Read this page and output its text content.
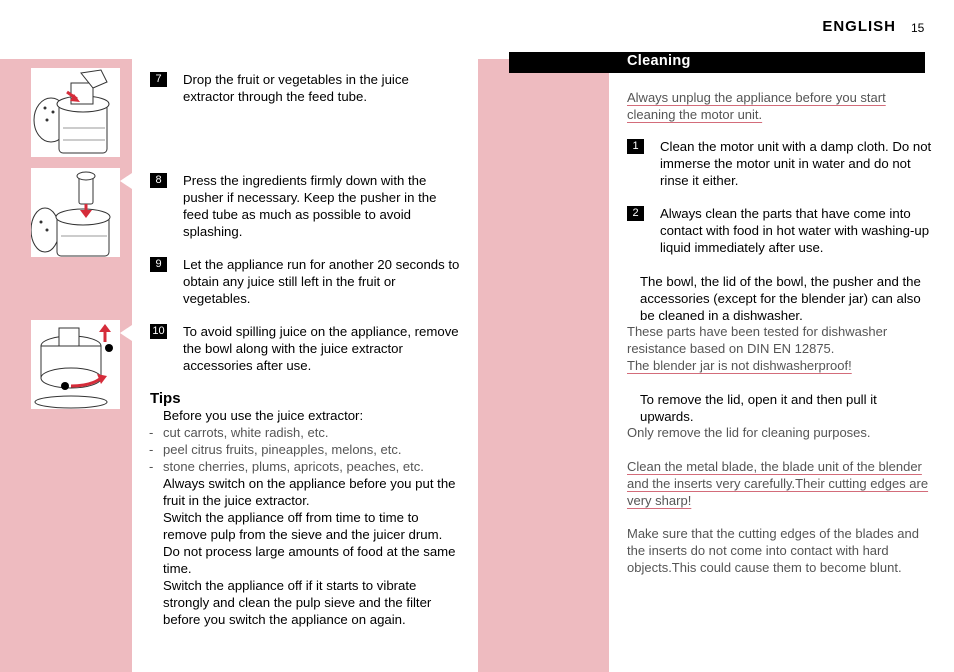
ENGLISH 15
7	Drop the fruit or vegetables in the juice extractor through the feed tube.
8	Press the ingredients firmly down with the pusher if necessary. Keep the pusher in the feed tube as much as possible to avoid splashing.
9	Let the appliance run for another 20 seconds to obtain any juice still left in the fruit or vegetables.
10 To avoid spilling juice on the appliance, remove the bowl along with the juice extractor accessories after use.
Tips
Before you use the juice extractor:
- cut carrots, white radish, etc.
- peel citrus fruits, pineapples, melons, etc.
- stone cherries, plums, apricots, peaches, etc.
Always switch on the appliance before you put the fruit in the juice extractor.
Switch the appliance off from time to time to remove pulp from the sieve and the juicer drum.
Do not process large amounts of food at the same time.
Switch the appliance off if it starts to vibrate strongly and clean the pulp sieve and the filter before you switch the appliance on again.
Cleaning
Always unplug the appliance before you start cleaning the motor unit.
1	Clean the motor unit with a damp cloth. Do not immerse the motor unit in water and do not rinse it either.
2	Always clean the parts that have come into contact with food in hot water with washing-up liquid immediately after use.
The bowl, the lid of the bowl, the pusher and the accessories (except for the blender jar) can also be cleaned in a dishwasher.
These parts have been tested for dishwasher resistance based on DIN EN 12875.
The blender jar is not dishwasherproof!
To remove the lid, open it and then pull it upwards.
Only remove the lid for cleaning purposes.
Clean the metal blade, the blade unit of the blender and the inserts very carefully.Their cutting edges are very sharp!
Make sure that the cutting edges of the blades and the inserts do not come into contact with hard objects.This could cause them to become blunt.
